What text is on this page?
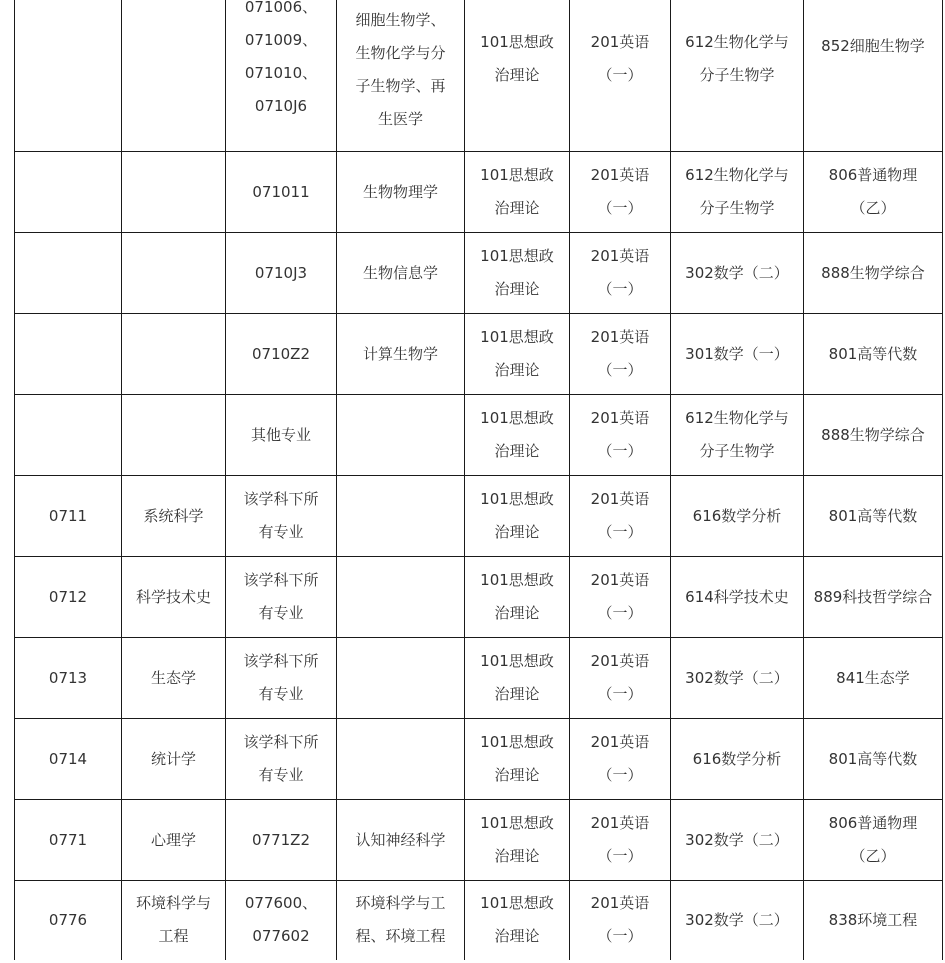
		071006、
071009、
071010、
0710J6	细胞生物学、
生物化学与分
子生物学、再
生医学	101思想政
治理论	201英语
（一）	612生物化学与
分子生物学	852细胞生物学

		071011	生物物理学	101思想政
治理论	201英语
（一）	612生物化学与
分子生物学	806普通物理（乙）
		0710J3	生物信息学	101思想政
治理论	201英语
（一）	302数学（二）	888生物学综合
		0710Z2	计算生物学	101思想政
治理论	201英语
（一）	301数学（一）	801高等代数
		其他专业		101思想政
治理论	201英语
（一）	612生物化学与
分子生物学	888生物学综合
0711	系统科学	该学科下所
有专业		101思想政
治理论	201英语
（一）	616数学分析	801高等代数
0712	科学技术史	该学科下所
有专业		101思想政
治理论	201英语
（一）	614科学技术史	889科技哲学综合
0713	生态学	该学科下所
有专业		101思想政
治理论	201英语
（一）	302数学（二）	841生态学
0714	统计学	该学科下所
有专业		101思想政
治理论	201英语
（一）	616数学分析	801高等代数
0771	心理学	0771Z2	认知神经科学	101思想政
治理论	201英语
（一）	302数学（二）	806普通物理（乙）
0776	环境科学与
工程	077600、
077602	环境科学与工
程、环境工程	101思想政
治理论	201英语
（一）	302数学（二）	838环境工程
